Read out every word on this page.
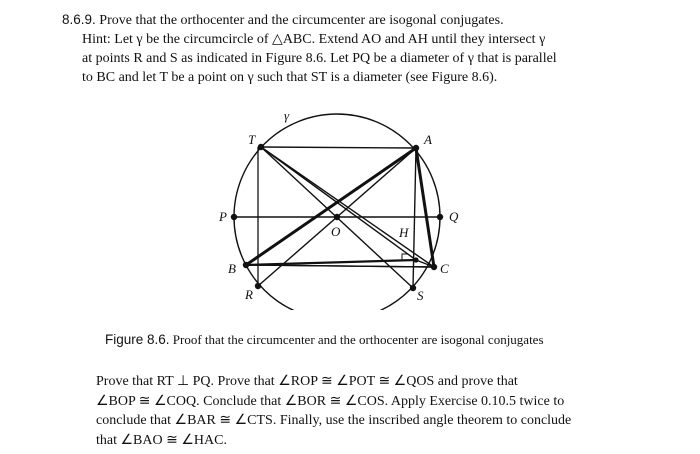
8.6.9. Prove that the orthocenter and the circumcenter are isogonal conjugates.
Hint: Let γ be the circumcircle of △ABC. Extend AO and AH until they intersect γ
at points R and S as indicated in Figure 8.6. Let PQ be a diameter of γ that is parallel
to BC and let T be a point on γ such that ST is a diameter (see Figure 8.6).
γ
T	A
P	Q
O	H
B	C
R	S
Figure 8.6. Proof that the circumcenter and the orthocenter are isogonal conjugates
Prove that RT ⊥ PQ. Prove that ∠ROP ≅ ∠POT ≅ ∠QOS and prove that
∠BOP ≅ ∠COQ. Conclude that ∠BOR ≅ ∠COS. Apply Exercise 0.10.5 twice to
conclude that ∠BAR ≅ ∠CTS. Finally, use the inscribed angle theorem to conclude
that ∠BAO ≅ ∠HAC.
